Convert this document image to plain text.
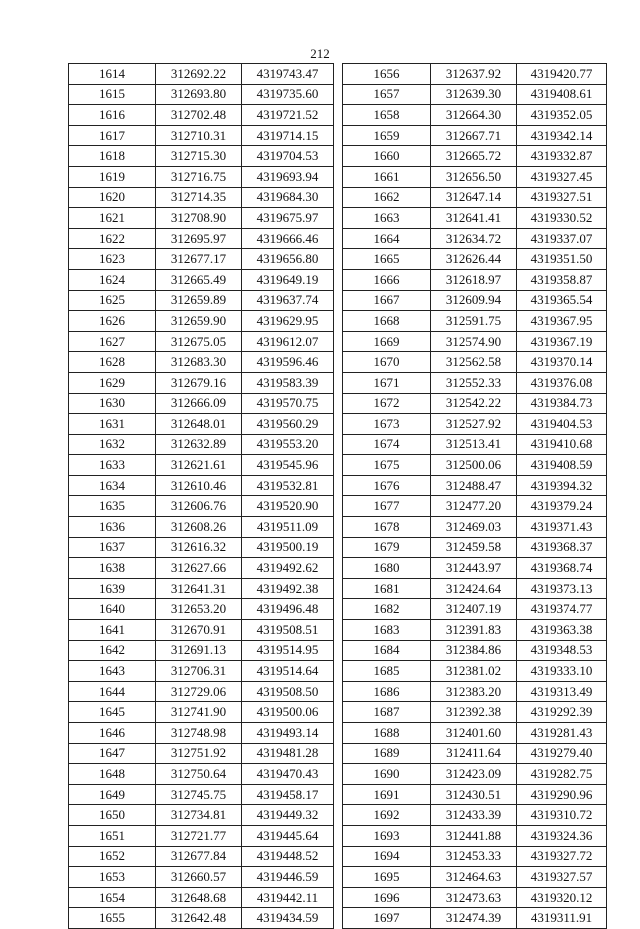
212
1614	312692.22	4319743.47
1615	312693.80	4319735.60
1616	312702.48	4319721.52
1617	312710.31	4319714.15
1618	312715.30	4319704.53
1619	312716.75	4319693.94
1620	312714.35	4319684.30
1621	312708.90	4319675.97
1622	312695.97	4319666.46
1623	312677.17	4319656.80
1624	312665.49	4319649.19
1625	312659.89	4319637.74
1626	312659.90	4319629.95
1627	312675.05	4319612.07
1628	312683.30	4319596.46
1629	312679.16	4319583.39
1630	312666.09	4319570.75
1631	312648.01	4319560.29
1632	312632.89	4319553.20
1633	312621.61	4319545.96
1634	312610.46	4319532.81
1635	312606.76	4319520.90
1636	312608.26	4319511.09
1637	312616.32	4319500.19
1638	312627.66	4319492.62
1639	312641.31	4319492.38
1640	312653.20	4319496.48
1641	312670.91	4319508.51
1642	312691.13	4319514.95
1643	312706.31	4319514.64
1644	312729.06	4319508.50
1645	312741.90	4319500.06
1646	312748.98	4319493.14
1647	312751.92	4319481.28
1648	312750.64	4319470.43
1649	312745.75	4319458.17
1650	312734.81	4319449.32
1651	312721.77	4319445.64
1652	312677.84	4319448.52
1653	312660.57	4319446.59
1654	312648.68	4319442.11
1655	312642.48	4319434.59
1656	312637.92	4319420.77
1657	312639.30	4319408.61
1658	312664.30	4319352.05
1659	312667.71	4319342.14
1660	312665.72	4319332.87
1661	312656.50	4319327.45
1662	312647.14	4319327.51
1663	312641.41	4319330.52
1664	312634.72	4319337.07
1665	312626.44	4319351.50
1666	312618.97	4319358.87
1667	312609.94	4319365.54
1668	312591.75	4319367.95
1669	312574.90	4319367.19
1670	312562.58	4319370.14
1671	312552.33	4319376.08
1672	312542.22	4319384.73
1673	312527.92	4319404.53
1674	312513.41	4319410.68
1675	312500.06	4319408.59
1676	312488.47	4319394.32
1677	312477.20	4319379.24
1678	312469.03	4319371.43
1679	312459.58	4319368.37
1680	312443.97	4319368.74
1681	312424.64	4319373.13
1682	312407.19	4319374.77
1683	312391.83	4319363.38
1684	312384.86	4319348.53
1685	312381.02	4319333.10
1686	312383.20	4319313.49
1687	312392.38	4319292.39
1688	312401.60	4319281.43
1689	312411.64	4319279.40
1690	312423.09	4319282.75
1691	312430.51	4319290.96
1692	312433.39	4319310.72
1693	312441.88	4319324.36
1694	312453.33	4319327.72
1695	312464.63	4319327.57
1696	312473.63	4319320.12
1697	312474.39	4319311.91
